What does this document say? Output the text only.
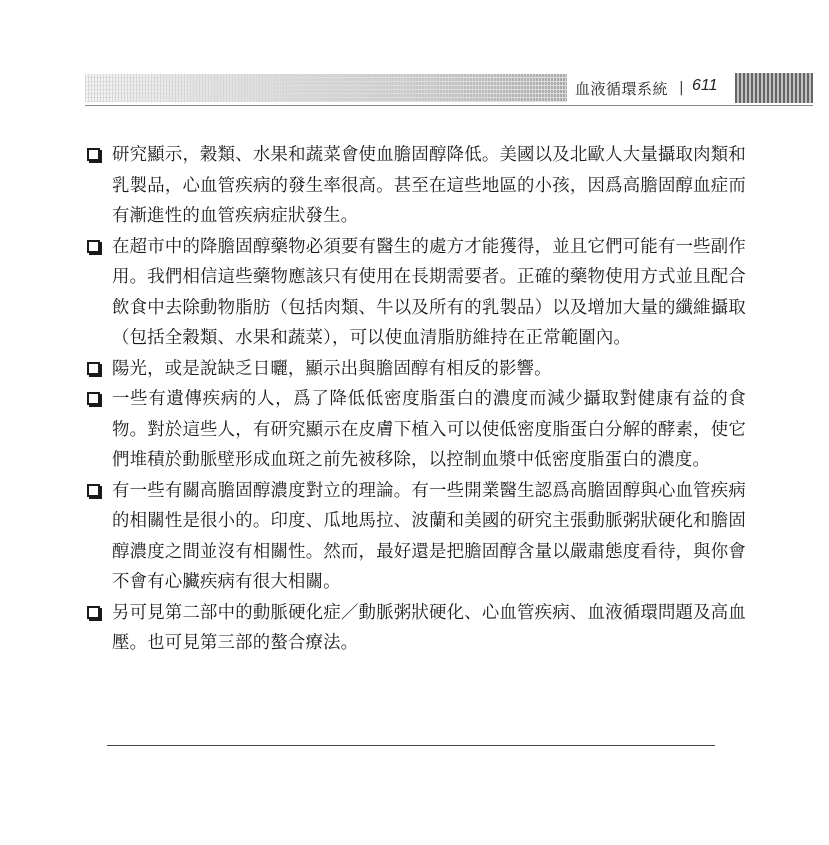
血液循環系統 | 611
研究顯示，穀類、水果和蔬菜會使血膽固醇降低。美國以及北歐人大量攝取肉類和乳製品，心血管疾病的發生率很高。甚至在這些地區的小孩，因爲高膽固醇血症而有漸進性的血管疾病症狀發生。
在超市中的降膽固醇藥物必須要有醫生的處方才能獲得，並且它們可能有一些副作用。我們相信這些藥物應該只有使用在長期需要者。正確的藥物使用方式並且配合飲食中去除動物脂肪（包括肉類、牛以及所有的乳製品）以及增加大量的纖維攝取（包括全穀類、水果和蔬菜），可以使血清脂肪維持在正常範圍內。
陽光，或是說缺乏日曬，顯示出與膽固醇有相反的影響。
一些有遺傳疾病的人，爲了降低低密度脂蛋白的濃度而減少攝取對健康有益的食物。對於這些人，有研究顯示在皮膚下植入可以使低密度脂蛋白分解的酵素，使它們堆積於動脈壁形成血斑之前先被移除，以控制血漿中低密度脂蛋白的濃度。
有一些有關高膽固醇濃度對立的理論。有一些開業醫生認爲高膽固醇與心血管疾病的相關性是很小的。印度、瓜地馬拉、波蘭和美國的研究主張動脈粥狀硬化和膽固醇濃度之間並沒有相關性。然而，最好還是把膽固醇含量以嚴肅態度看待，與你會不會有心臟疾病有很大相關。
另可見第二部中的動脈硬化症／動脈粥狀硬化、心血管疾病、血液循環問題及高血壓。也可見第三部的螯合療法。
